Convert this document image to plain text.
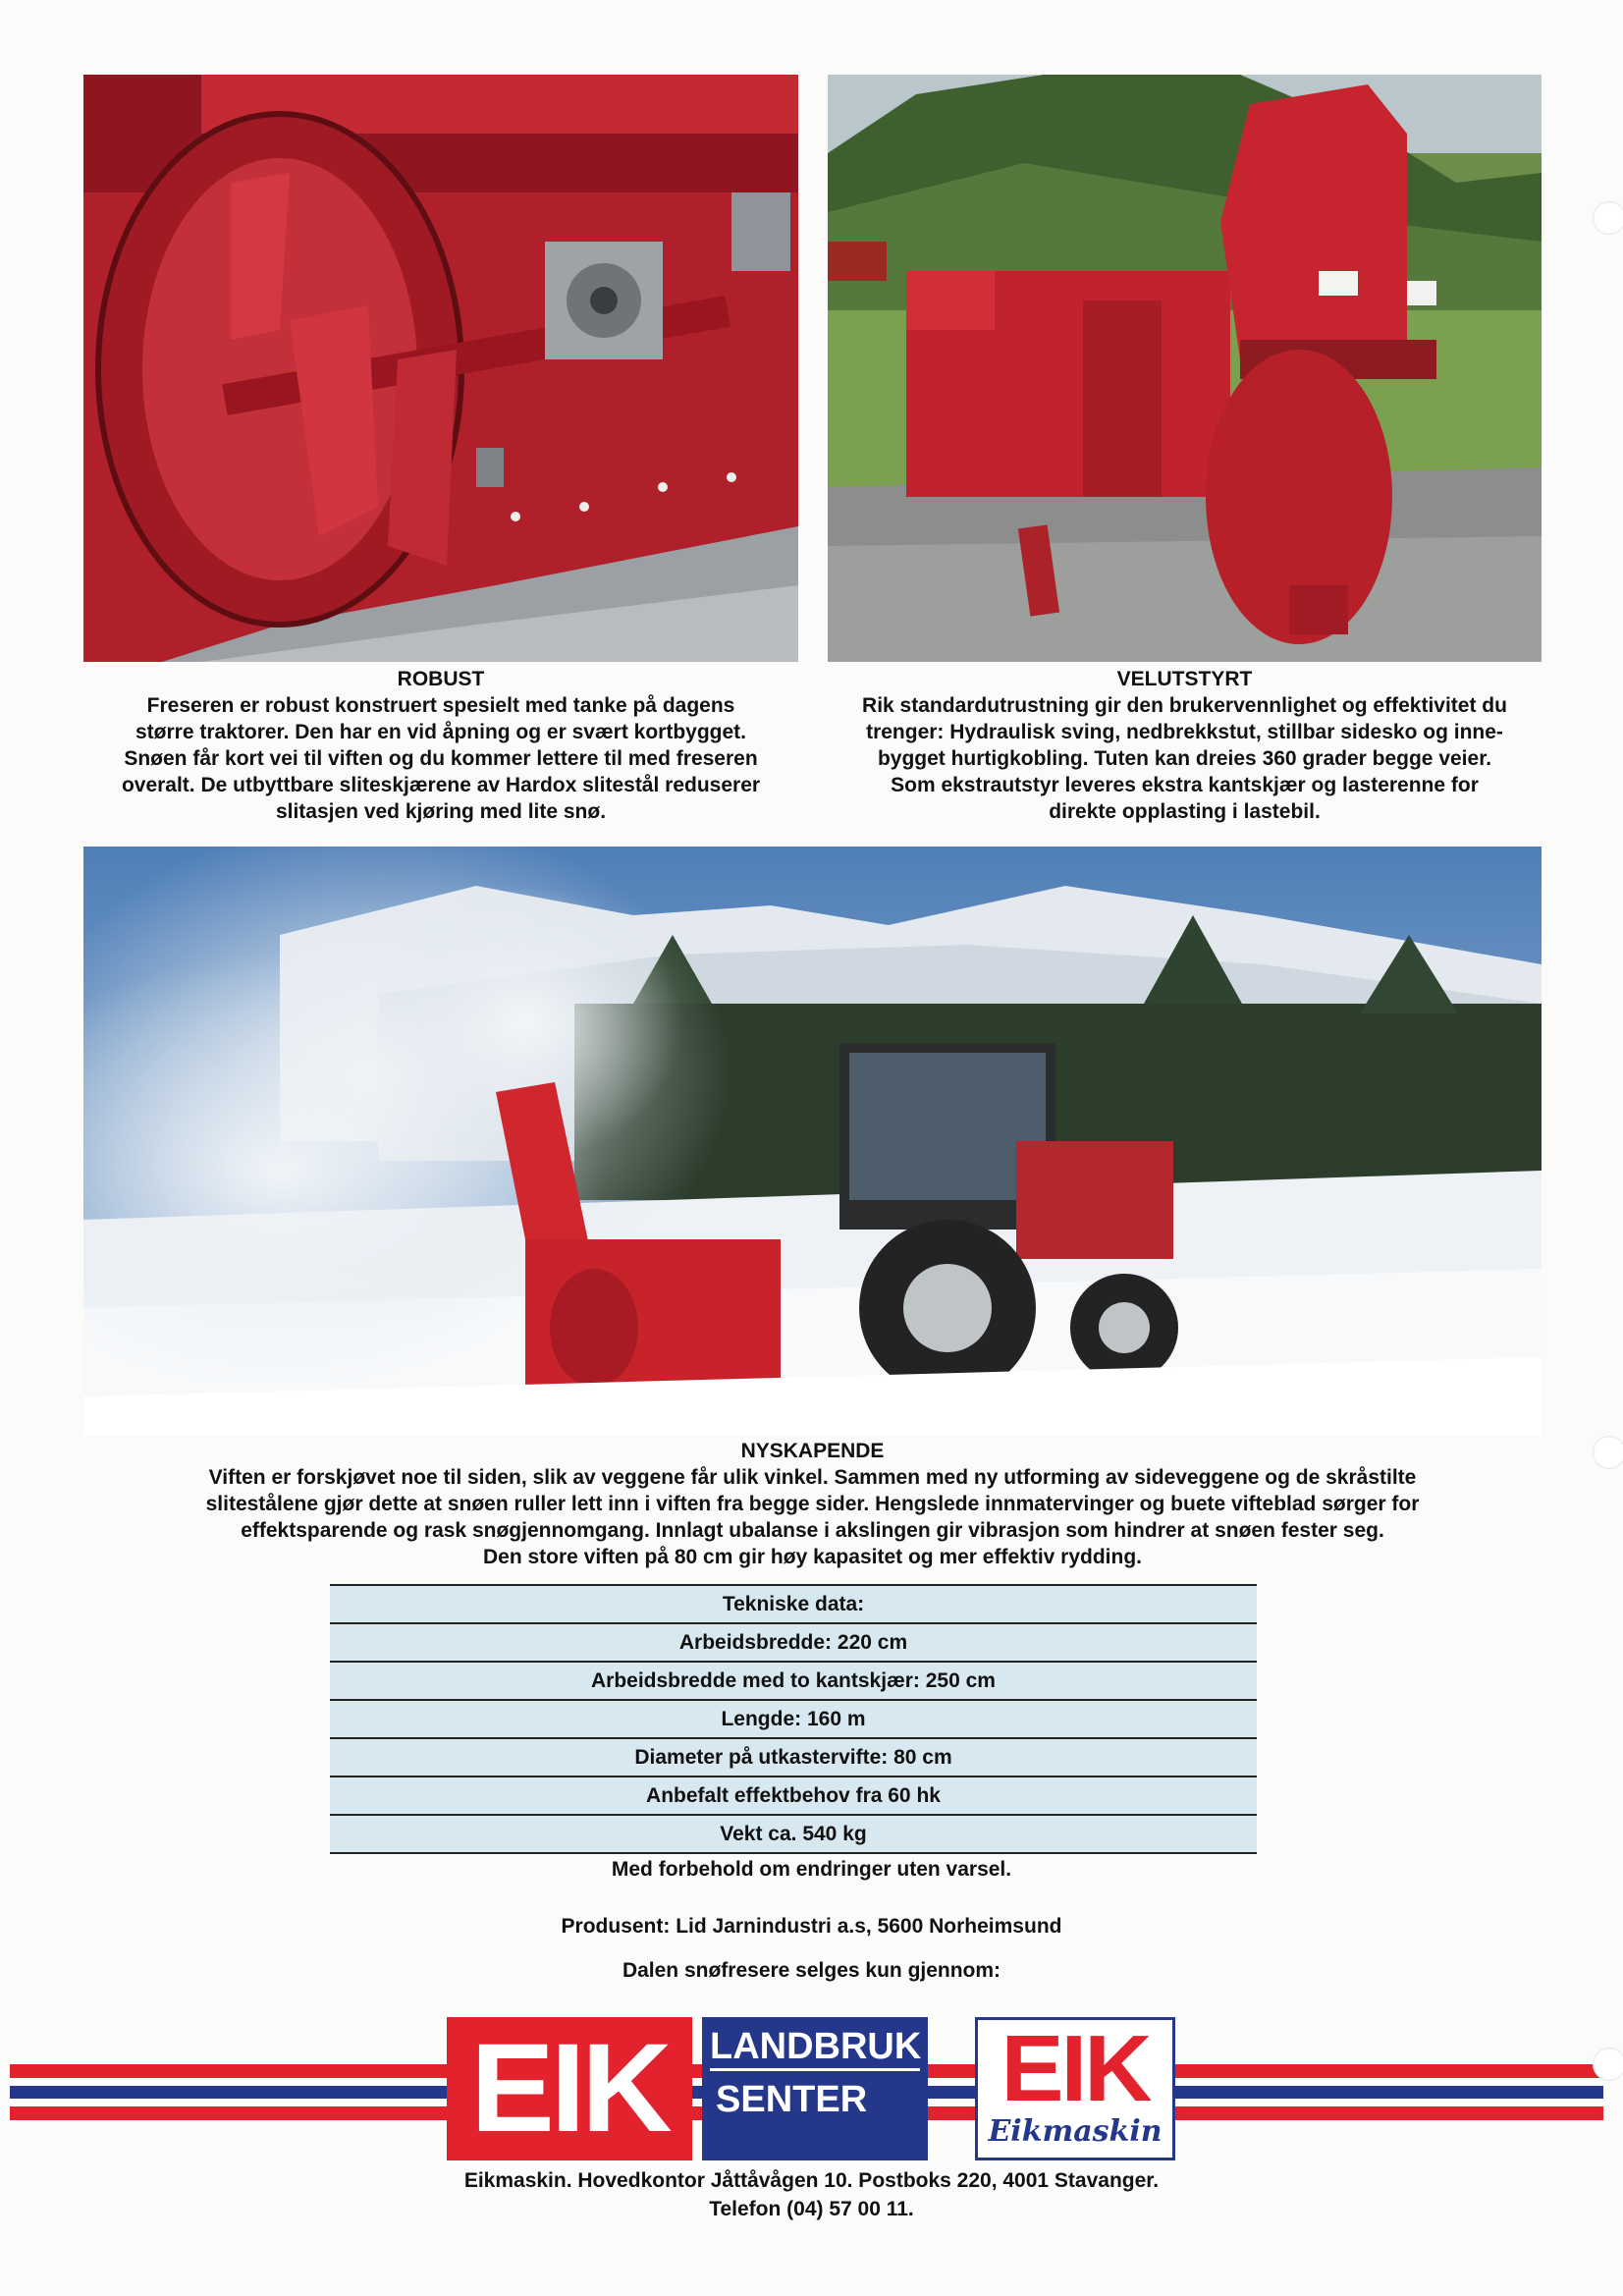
ROBUST
Freseren er robust konstruert spesielt med tanke på dagens
større traktorer. Den har en vid åpning og er svært kortbygget.
Snøen får kort vei til viften og du kommer lettere til med freseren
overalt. De utbyttbare sliteskjærene av Hardox slitestål reduserer
slitasjen ved kjøring med lite snø.
VELUTSTYRT
Rik standardutrustning gir den brukervennlighet og effektivitet du
trenger: Hydraulisk sving, nedbrekkstut, stillbar sidesko og inne-
bygget hurtigkobling. Tuten kan dreies 360 grader begge veier.
Som ekstrautstyr leveres ekstra kantskjær og lasterenne for
direkte opplasting i lastebil.
NYSKAPENDE
Viften er forskjøvet noe til siden, slik av veggene får ulik vinkel. Sammen med ny utforming av sideveggene og de skråstilte
slitestålene gjør dette at snøen ruller lett inn i viften fra begge sider. Hengslede innmatervinger og buete vifteblad sørger for
effektsparende og rask snøgjennomgang. Innlagt ubalanse i akslingen gir vibrasjon som hindrer at snøen fester seg.
Den store viften på 80 cm gir høy kapasitet og mer effektiv rydding.
Tekniske data:
Arbeidsbredde: 220 cm
Arbeidsbredde med to kantskjær: 250 cm
Lengde: 160 m
Diameter på utkastervifte: 80 cm
Anbefalt effektbehov fra 60 hk
Vekt ca. 540 kg
Med forbehold om endringer uten varsel.
Produsent: Lid Jarnindustri a.s, 5600 Norheimsund
Dalen snøfresere selges kun gjennom:
EIK LANDBRUK
SENTER	EIK
Eikmaskin
Eikmaskin. Hovedkontor Jåttåvågen 10. Postboks 220, 4001 Stavanger.
Telefon (04) 57 00 11.
